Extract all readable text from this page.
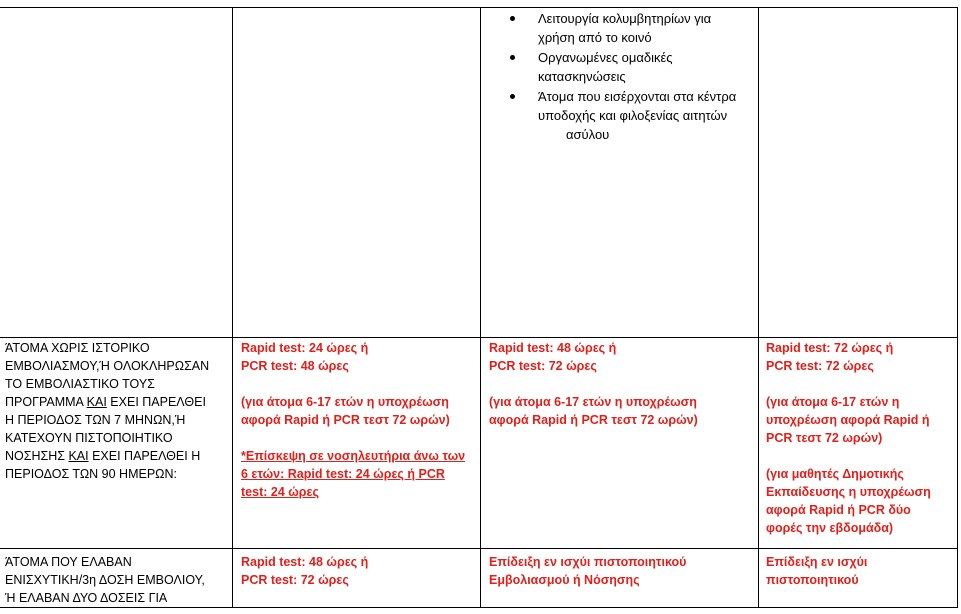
Λειτουργία κολυμβητηρίων για
χρήση από το κοινό
Οργανωμένες ομαδικές
κατασκηνώσεις
Άτομα που εισέρχονται στα κέντρα
υποδοχής και φιλοξενίας αιτητών
ασύλου
ΆΤΟΜΑ ΧΩΡΙΣ ΙΣΤΟΡΙΚΟ
ΕΜΒΟΛΙΑΣΜΟΥ,Ή ΟΛΟΚΛΗΡΩΣΑΝ
ΤΟ ΕΜΒΟΛΙΑΣΤΙΚΟ ΤΟΥΣ
ΠΡΟΓΡΑΜΜΑ ΚΑΙ ΕΧΕΙ ΠΑΡΕΛΘΕΙ
Η ΠΕΡΙΟΔΟΣ ΤΩΝ 7 ΜΗΝΩΝ,Ή
ΚΑΤΕΧΟΥΝ ΠΙΣΤΟΠΟΙΗΤΙΚΟ
ΝΟΣΗΣΗΣ ΚΑΙ ΕΧΕΙ ΠΑΡΕΛΘΕΙ Η
ΠΕΡΙΟΔΟΣ ΤΩΝ 90 ΗΜΕΡΩΝ:
Rapid test: 24 ώρες ή
PCR test: 48 ώρες
(για άτομα 6-17 ετών η υποχρέωση
αφορά Rapid ή PCR τεστ 72 ωρών)
*Επίσκεψη σε νοσηλευτήρια άνω των
6 ετών: Rapid test: 24 ώρες ή PCR
test: 24 ώρες
Rapid test: 48 ώρες ή
PCR test: 72 ώρες
(για άτομα 6-17 ετών η υποχρέωση
αφορά Rapid ή PCR τεστ 72 ωρών)
Rapid test: 72 ώρες ή
PCR test: 72 ώρες
(για άτομα 6-17 ετών η
υποχρέωση αφορά Rapid ή
PCR τεστ 72 ωρών)
(για μαθητές Δημοτικής
Εκπαίδευσης η υποχρέωση
αφορά Rapid ή PCR δύο
φορές την εβδομάδα)
ΆΤΟΜΑ ΠΟΥ ΕΛΑΒΑΝ
ΕΝΙΣΧΥΤΙΚΗ/3η ΔΟΣΗ ΕΜΒΟΛΙΟΥ,
Ή ΕΛΑΒΑΝ ΔΥΟ ΔΟΣΕΙΣ ΓΙΑ
Rapid test: 48 ώρες ή
PCR test: 72 ώρες
Επίδειξη εν ισχύι πιστοποιητικού
Εμβολιασμού ή Νόσησης
Επίδειξη εν ισχύι
πιστοποιητικού
